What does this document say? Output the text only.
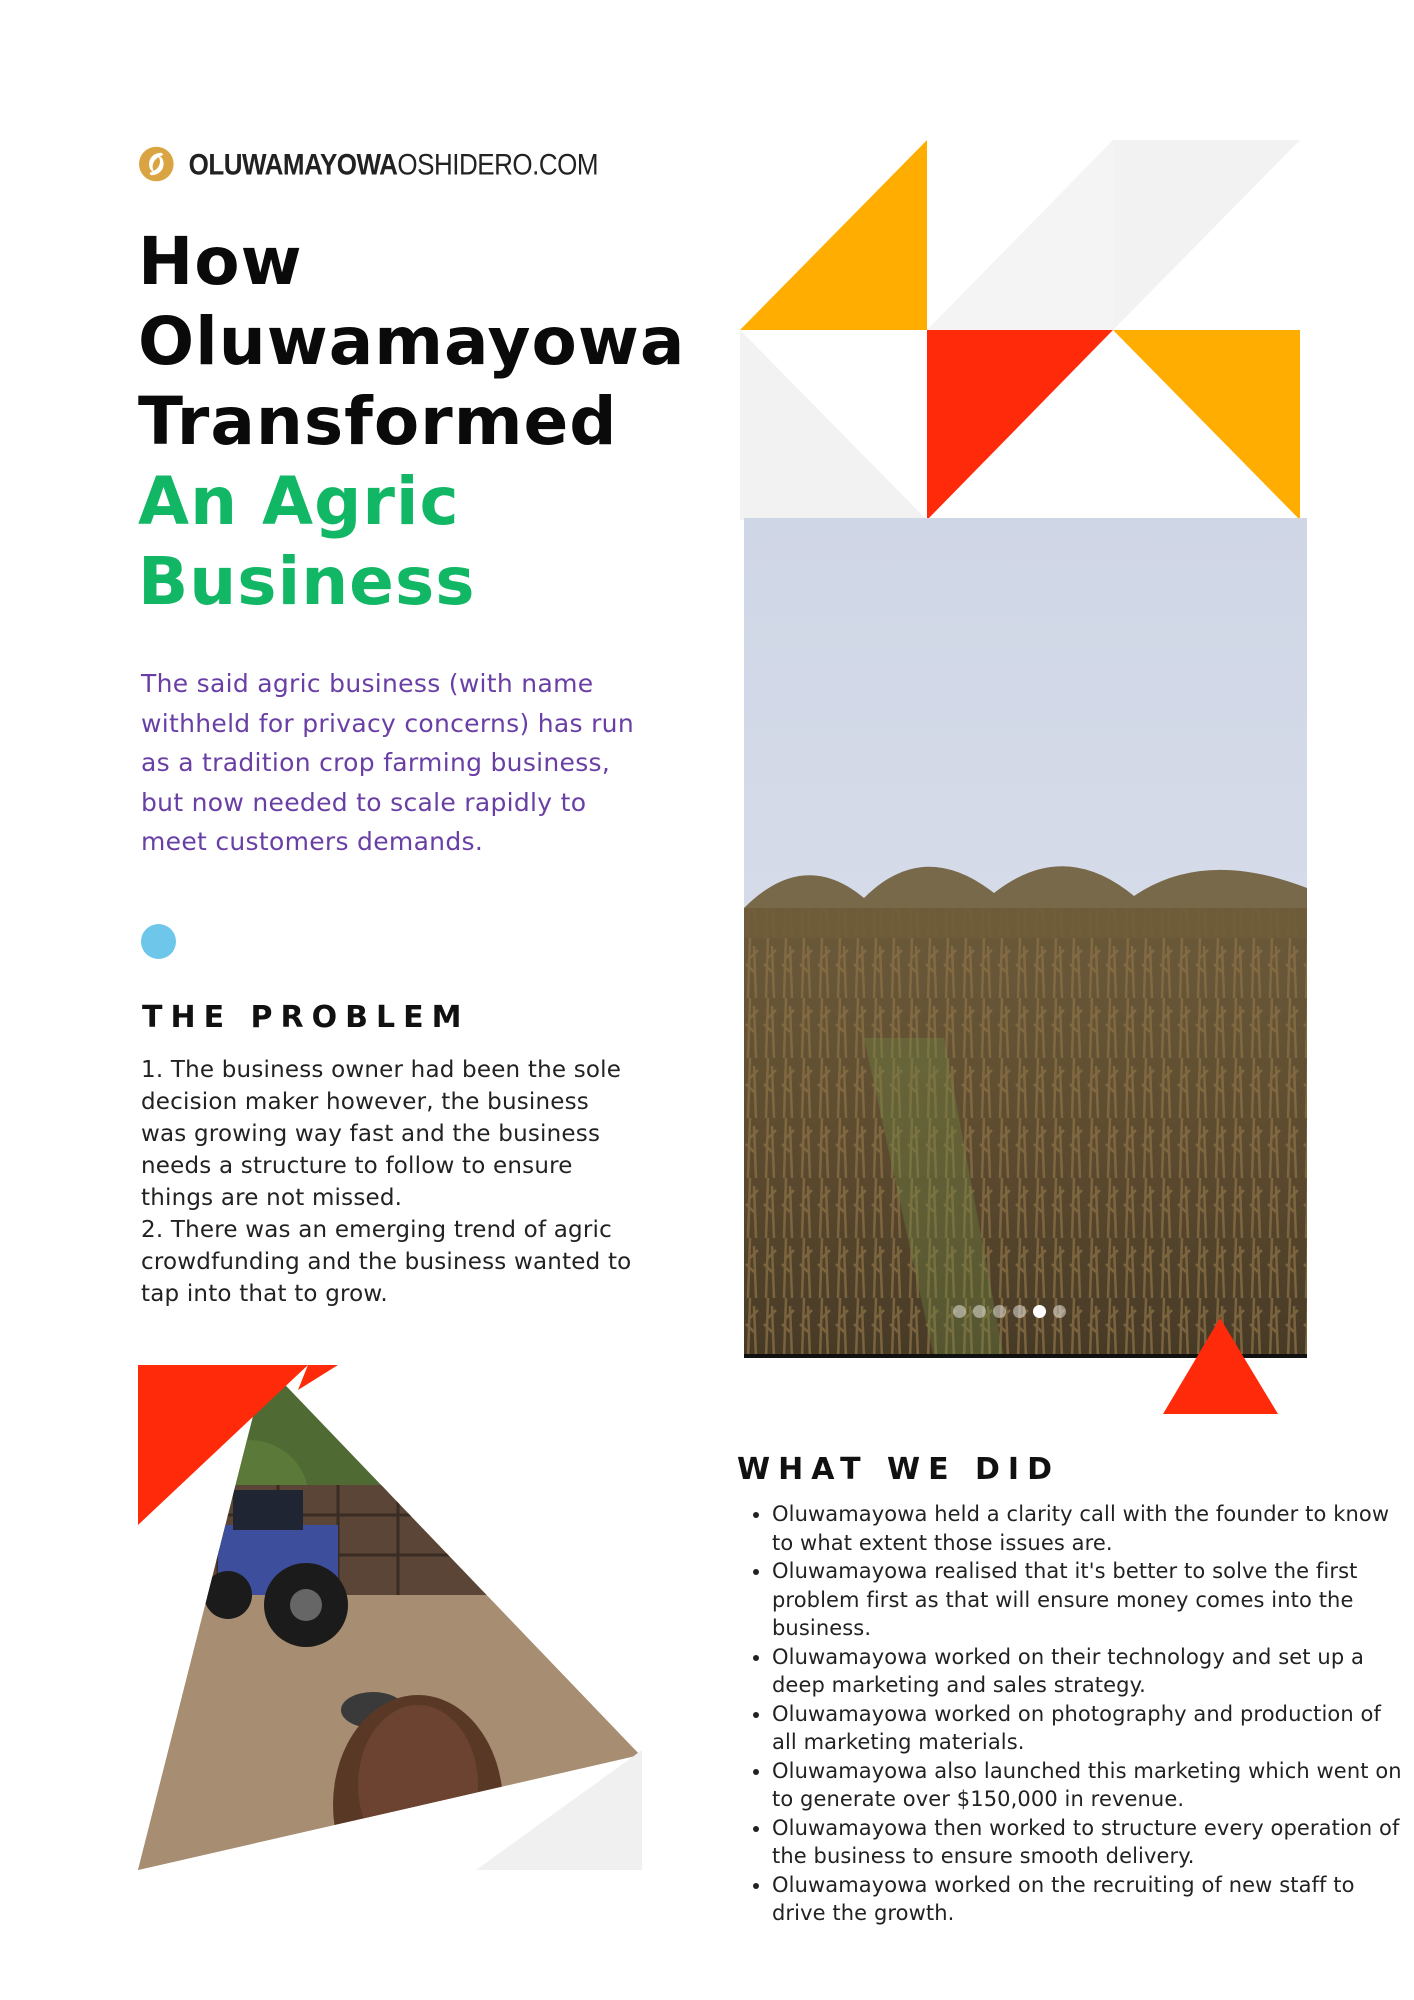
OLUWAMAYOWAOSHIDERO.COM
How
Oluwamayowa
Transformed
An Agric
Business

The said agric business (with name withheld for privacy concerns) has run as a tradition crop farming business, but now needed to scale rapidly to meet customers demands.

THE PROBLEM

1. The business owner had been the sole decision maker however, the business was growing way fast and the business needs a structure to follow to ensure things are not missed.

2. There was an emerging trend of agric crowdfunding and the business wanted to tap into that to grow.

WHAT WE DID
• Oluwamayowa held a clarity call with the founder to know to what extent those issues are.
• Oluwamayowa realised that it's better to solve the first problem first as that will ensure money comes into the business.
• Oluwamayowa worked on their technology and set up a deep marketing and sales strategy.
• Oluwamayowa worked on photography and production of all marketing materials.
• Oluwamayowa also launched this marketing which went on to generate over $150,000 in revenue.
• Oluwamayowa then worked to structure every operation of the business to ensure smooth delivery.
• Oluwamayowa worked on the recruiting of new staff to drive the growth.
